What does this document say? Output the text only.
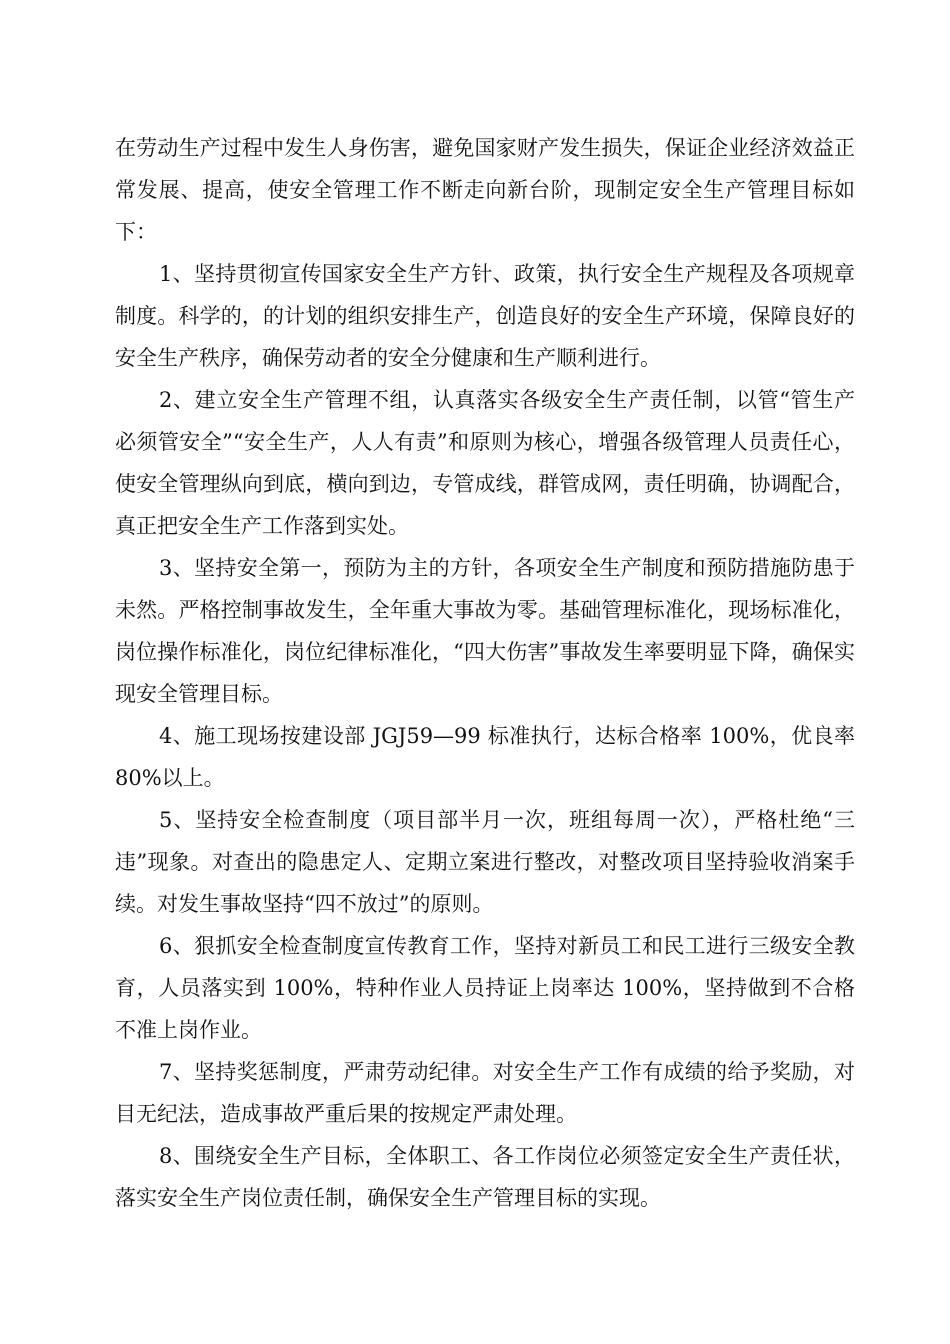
在劳动生产过程中发生人身伤害，避免国家财产发生损失，保证企业经济效益正常发展、提高，使安全管理工作不断走向新台阶，现制定安全生产管理目标如下：

1、坚持贯彻宣传国家安全生产方针、政策，执行安全生产规程及各项规章制度。科学的，的计划的组织安排生产，创造良好的安全生产环境，保障良好的安全生产秩序，确保劳动者的安全分健康和生产顺利进行。

2、建立安全生产管理不组，认真落实各级安全生产责任制，以管“管生产必须管安全”“安全生产，人人有责”和原则为核心，增强各级管理人员责任心，使安全管理纵向到底，横向到边，专管成线，群管成网，责任明确，协调配合，真正把安全生产工作落到实处。

3、坚持安全第一，预防为主的方针，各项安全生产制度和预防措施防患于未然。严格控制事故发生，全年重大事故为零。基础管理标准化，现场标准化，岗位操作标准化，岗位纪律标准化，“四大伤害”事故发生率要明显下降，确保实现安全管理目标。

4、施工现场按建设部 JGJ59—99 标准执行，达标合格率 100%，优良率80%以上。

5、坚持安全检查制度（项目部半月一次，班组每周一次），严格杜绝“三违”现象。对查出的隐患定人、定期立案进行整改，对整改项目坚持验收消案手续。对发生事故坚持“四不放过”的原则。

6、狠抓安全检查制度宣传教育工作，坚持对新员工和民工进行三级安全教育，人员落实到 100%，特种作业人员持证上岗率达 100%，坚持做到不合格不准上岗作业。

7、坚持奖惩制度，严肃劳动纪律。对安全生产工作有成绩的给予奖励，对目无纪法，造成事故严重后果的按规定严肃处理。

8、围绕安全生产目标，全体职工、各工作岗位必须签定安全生产责任状，落实安全生产岗位责任制，确保安全生产管理目标的实现。
